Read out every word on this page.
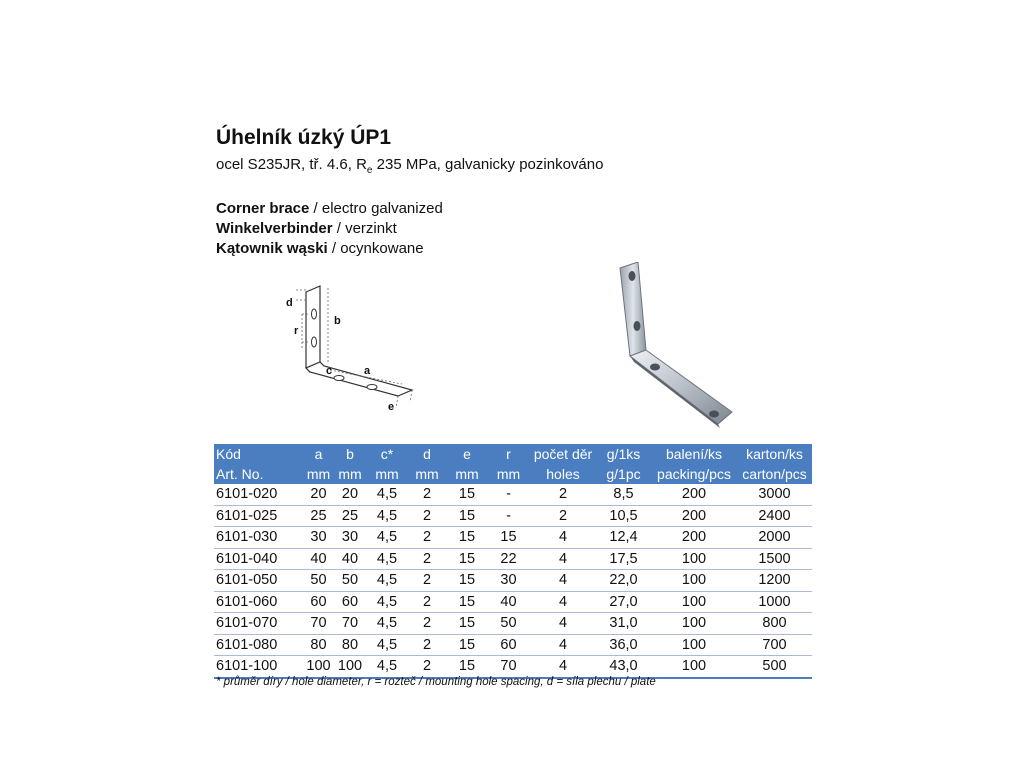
Úhelník úzký ÚP1
ocel S235JR, tř. 4.6, $R_e$ 235 MPa, galvanicky pozinkováno
Corner brace / electro galvanized
Winkelverbinder / verzinkt
Kątownik wąski / ocynkowane
d
r
b
c	a
e
Kód	a	b	c*	d	e	r	počet děr	g/1ks	balení/ks	karton/ks
Art. No.	mm	mm	mm	mm	mm	mm	holes	g/1pc	packing/pcs	carton/pcs
6101-020	20	20	4,5	2	15	-	2	8,5	200	3000
6101-025	25	25	4,5	2	15	-	2	10,5	200	2400
6101-030	30	30	4,5	2	15	15	4	12,4	200	2000
6101-040	40	40	4,5	2	15	22	4	17,5	100	1500
6101-050	50	50	4,5	2	15	30	4	22,0	100	1200
6101-060	60	60	4,5	2	15	40	4	27,0	100	1000
6101-070	70	70	4,5	2	15	50	4	31,0	100	800
6101-080	80	80	4,5	2	15	60	4	36,0	100	700
6101-100	100	100	4,5	2	15	70	4	43,0	100	500
* průměr díry / hole diameter, r = rozteč / mounting hole spacing, d = síla plechu / plate
